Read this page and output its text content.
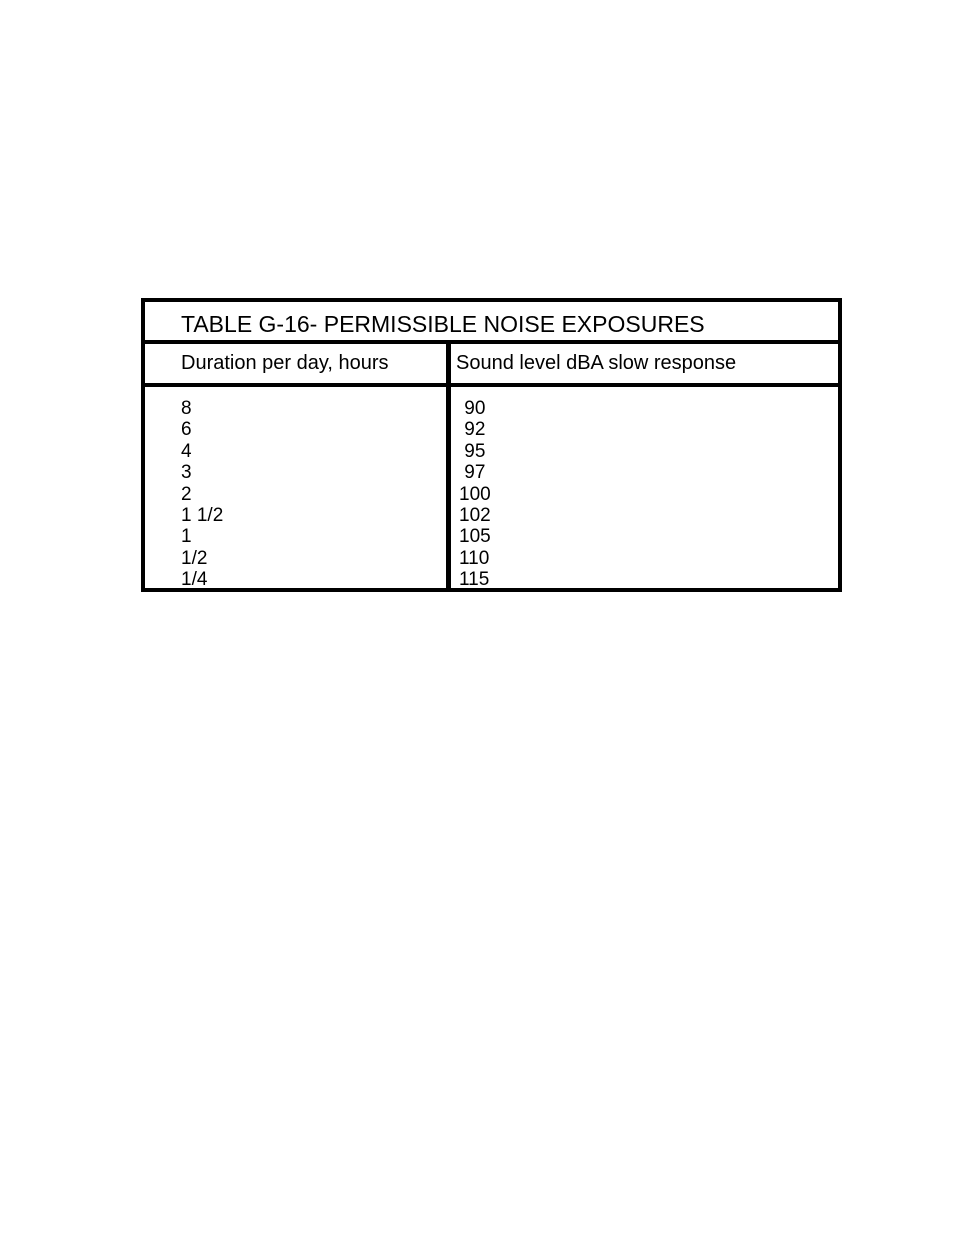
TABLE G-16- PERMISSIBLE NOISE EXPOSURES
Duration per day, hours	Sound level dBA slow response
8	90
6	92
4	95
3	97
2	100
1 1/2	102
1	105
1/2	110
1/4	115
